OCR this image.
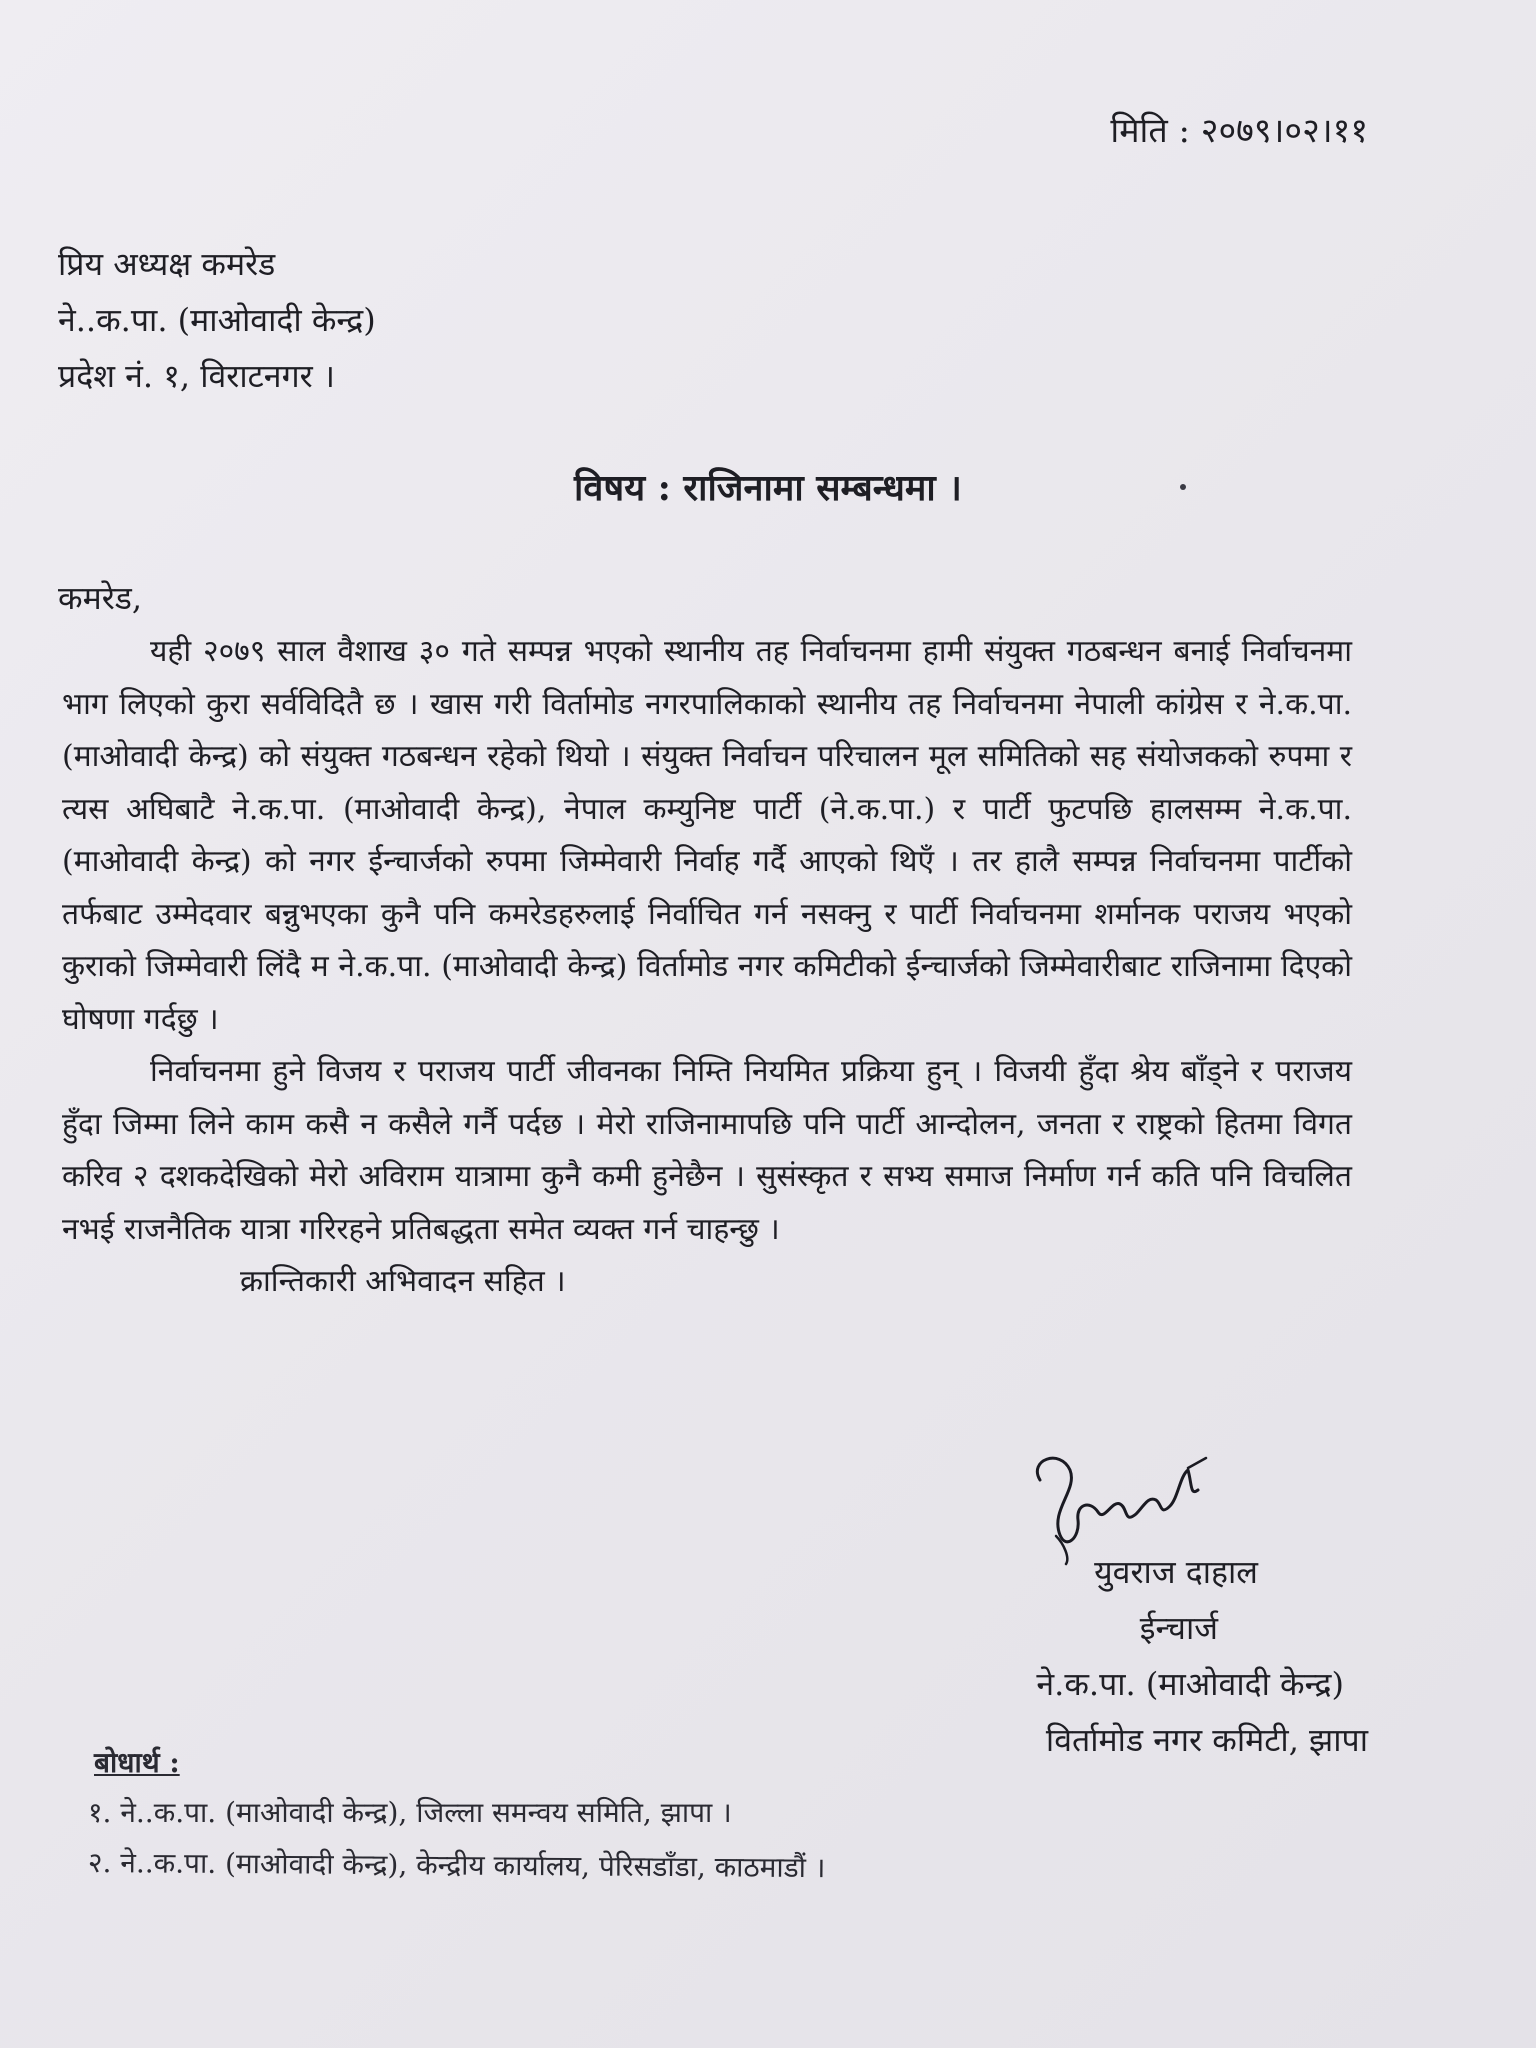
मिति : २०७९।०२।११
प्रिय अध्यक्ष कमरेड
ने..क.पा. (माओवादी केन्द्र)
प्रदेश नं. १, विराटनगर ।
विषय : राजिनामा सम्बन्धमा ।
कमरेड,

यही २०७९ साल वैशाख ३० गते सम्पन्न भएको स्थानीय तह निर्वाचनमा हामी संयुक्त गठबन्धन बनाई निर्वाचनमा भाग लिएको कुरा सर्वविदितै छ । खास गरी विर्तामोड नगरपालिकाको स्थानीय तह निर्वाचनमा नेपाली कांग्रेस र ने.क.पा. (माओवादी केन्द्र) को संयुक्त गठबन्धन रहेको थियो । संयुक्त निर्वाचन परिचालन मूल समितिको सह संयोजकको रुपमा र त्यस अघिबाटै ने.क.पा. (माओवादी केन्द्र), नेपाल कम्युनिष्ट पार्टी (ने.क.पा.) र पार्टी फुटपछि हालसम्म ने.क.पा. (माओवादी केन्द्र) को नगर ईन्चार्जको रुपमा जिम्मेवारी निर्वाह गर्दै आएको थिएँ । तर हालै सम्पन्न निर्वाचनमा पार्टीको तर्फबाट उम्मेदवार बन्नुभएका कुनै पनि कमरेडहरुलाई निर्वाचित गर्न नसक्नु र पार्टी निर्वाचनमा शर्मानक पराजय भएको कुराको जिम्मेवारी लिंदै म ने.क.पा. (माओवादी केन्द्र) विर्तामोड नगर कमिटीको ईन्चार्जको जिम्मेवारीबाट राजिनामा दिएको घोषणा गर्दछु ।

निर्वाचनमा हुने विजय र पराजय पार्टी जीवनका निम्ति नियमित प्रक्रिया हुन् । विजयी हुँदा श्रेय बाँड्ने र पराजय हुँदा जिम्मा लिने काम कसै न कसैले गर्नै पर्दछ । मेरो राजिनामापछि पनि पार्टी आन्दोलन, जनता र राष्ट्रको हितमा विगत करिव २ दशकदेखिको मेरो अविराम यात्रामा कुनै कमी हुनेछैन । सुसंस्कृत र सभ्य समाज निर्माण गर्न कति पनि विचलित नभई राजनैतिक यात्रा गरिरहने प्रतिबद्धता समेत व्यक्त गर्न चाहन्छु ।

क्रान्तिकारी अभिवादन सहित ।

युवराज दाहाल
ईन्चार्ज
ने.क.पा. (माओवादी केन्द्र)
विर्तामोड नगर कमिटी, झापा
बोधार्थ :
१. ने..क.पा. (माओवादी केन्द्र), जिल्ला समन्वय समिति, झापा ।
२. ने..क.पा. (माओवादी केन्द्र), केन्द्रीय कार्यालय, पेरिसडाँडा, काठमाडौं ।
